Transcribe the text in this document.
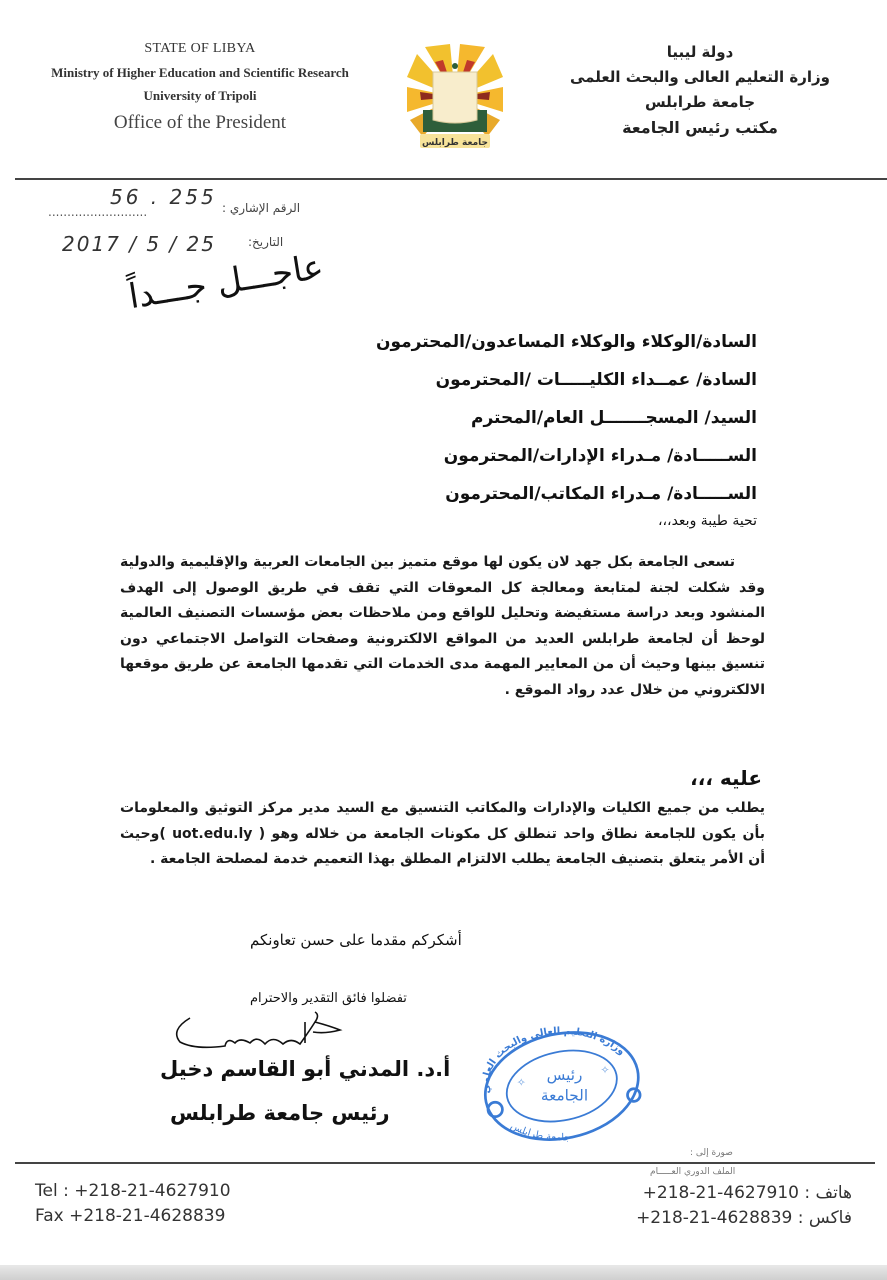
STATE OF LIBYA
Ministry of Higher Education and Scientific Research
University of Tripoli
Office of the President
جامعة طرابلس
دولة ليبيا
وزارة التعليم العالى والبحث العلمى
جامعة طرابلس
مكتب رئيس الجامعة
56 . 255
..........................	الرقم الإشاري :
2017 / 5 / 25	التاريخ:
عاجـــل جـــداً
السادة/الوكلاء والوكلاء المساعدون/المحترمون
السادة/ عمــداء الكليـــــات /المحترمون
السيد/ المسجـــــــل العام/المحترم
الســـــادة/ مـدراء الإدارات/المحترمون
الســـــادة/ مـدراء المكاتب/المحترمون
تحية طيبة وبعد،،،
تسعى الجامعة بكل جهد لان يكون لها موقع متميز بين الجامعات العربية والإقليمية والدولية وقد شكلت لجنة لمتابعة ومعالجة كل المعوقات التي تقف في طريق الوصول إلى الهدف المنشود وبعد دراسة مستفيضة وتحليل للواقع ومن ملاحظات بعض مؤسسات التصنيف العالمية لوحظ أن لجامعة طرابلس العديد من المواقع الالكترونية وصفحات التواصل الاجتماعي دون تنسيق بينها وحيث أن من المعايير المهمة مدى الخدمات التي تقدمها الجامعة عن طريق موقعها الالكتروني من خلال عدد رواد الموقع .
عليه ،،،
يطلب من جميع الكليات والإدارات والمكاتب التنسيق مع السيد مدير مركز التوثيق والمعلومات بأن يكون للجامعة نطاق واحد تنطلق كل مكونات الجامعة من خلاله وهو ( uot.edu.ly )وحيث أن الأمر يتعلق بتصنيف الجامعة يطلب الالتزام المطلق بهذا التعميم خدمة لمصلحة الجامعة .
أشكركم مقدما على حسن تعاونكم
تفضلوا فائق التقدير والاحترام
أ.د. المدني أبو القاسم دخيل
رئيس جامعة طرابلس
وزارة التعليم العالي والبحث العلمي
جامعة طرابلس
رئيس
الجامعة
✧
✧
صورة إلى :
الملف الدوري العـــــام
Tel : +218-21-4627910
Fax +218-21-4628839
هاتف : +218-21-4627910
فاكس : +218-21-4628839
